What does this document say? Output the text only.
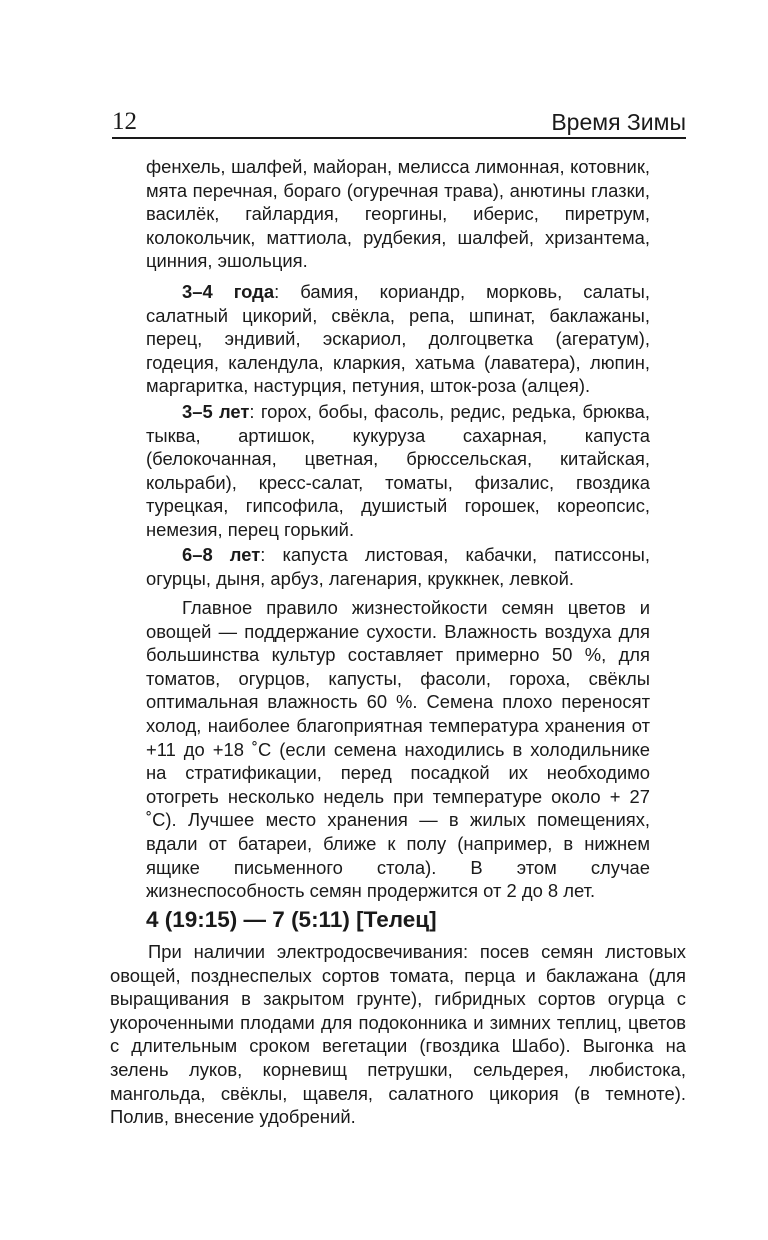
12	Время Зимы

фенхель, шалфей, майоран, мелисса лимонная, котовник, мята перечная, бораго (огуречная трава), анютины глазки, василёк, гайлардия, георгины, иберис, пиретрум, колокольчик, маттиола, рудбекия, шалфей, хризантема, цинния, эшольция.

3–4 года: бамия, кориандр, морковь, салаты, салатный цикорий, свёкла, репа, шпинат, баклажаны, перец, эндивий, эскариол, долгоцветка (агератум), годеция, календула, кларкия, хатьма (лаватера), люпин, маргаритка, настурция, петуния, шток-роза (алцея).

3–5 лет: горох, бобы, фасоль, редис, редька, брюква, тыква, артишок, кукуруза сахарная, капуста (белокочанная, цветная, брюссельская, китайская, кольраби), кресс-салат, томаты, физалис, гвоздика турецкая, гипсофила, душистый горошек, кореопсис, немезия, перец горький.

6–8 лет: капуста листовая, кабачки, патиссоны, огурцы, дыня, арбуз, лагенария, круккнек, левкой.

Главное правило жизнестойкости семян цветов и овощей — поддержание сухости. Влажность воздуха для большинства культур составляет примерно 50 %, для томатов, огурцов, капусты, фасоли, гороха, свёклы оптимальная влажность 60 %. Семена плохо переносят холод, наиболее благоприятная температура хранения от +11 до +18 ˚С (если семена находились в холодильнике на стратификации, перед посадкой их необходимо отогреть несколько недель при температуре около + 27 ˚С). Лучшее место хранения — в жилых помещениях, вдали от батареи, ближе к полу (например, в нижнем ящике письменного стола). В этом случае жизнеспособность семян продержится от 2 до 8 лет.

4 (19:15) — 7 (5:11) [Телец]

При наличии электродосвечивания: посев семян листовых овощей, позднеспелых сортов томата, перца и баклажана (для выращивания в закрытом грунте), гибридных сортов огурца с укороченными плодами для подоконника и зимних теплиц, цветов с длительным сроком вегетации (гвоздика Шабо). Выгонка на зелень луков, корневищ петрушки, сельдерея, любистока, мангольда, свёклы, щавеля, салатного цикория (в темноте). Полив, внесение удобрений.
